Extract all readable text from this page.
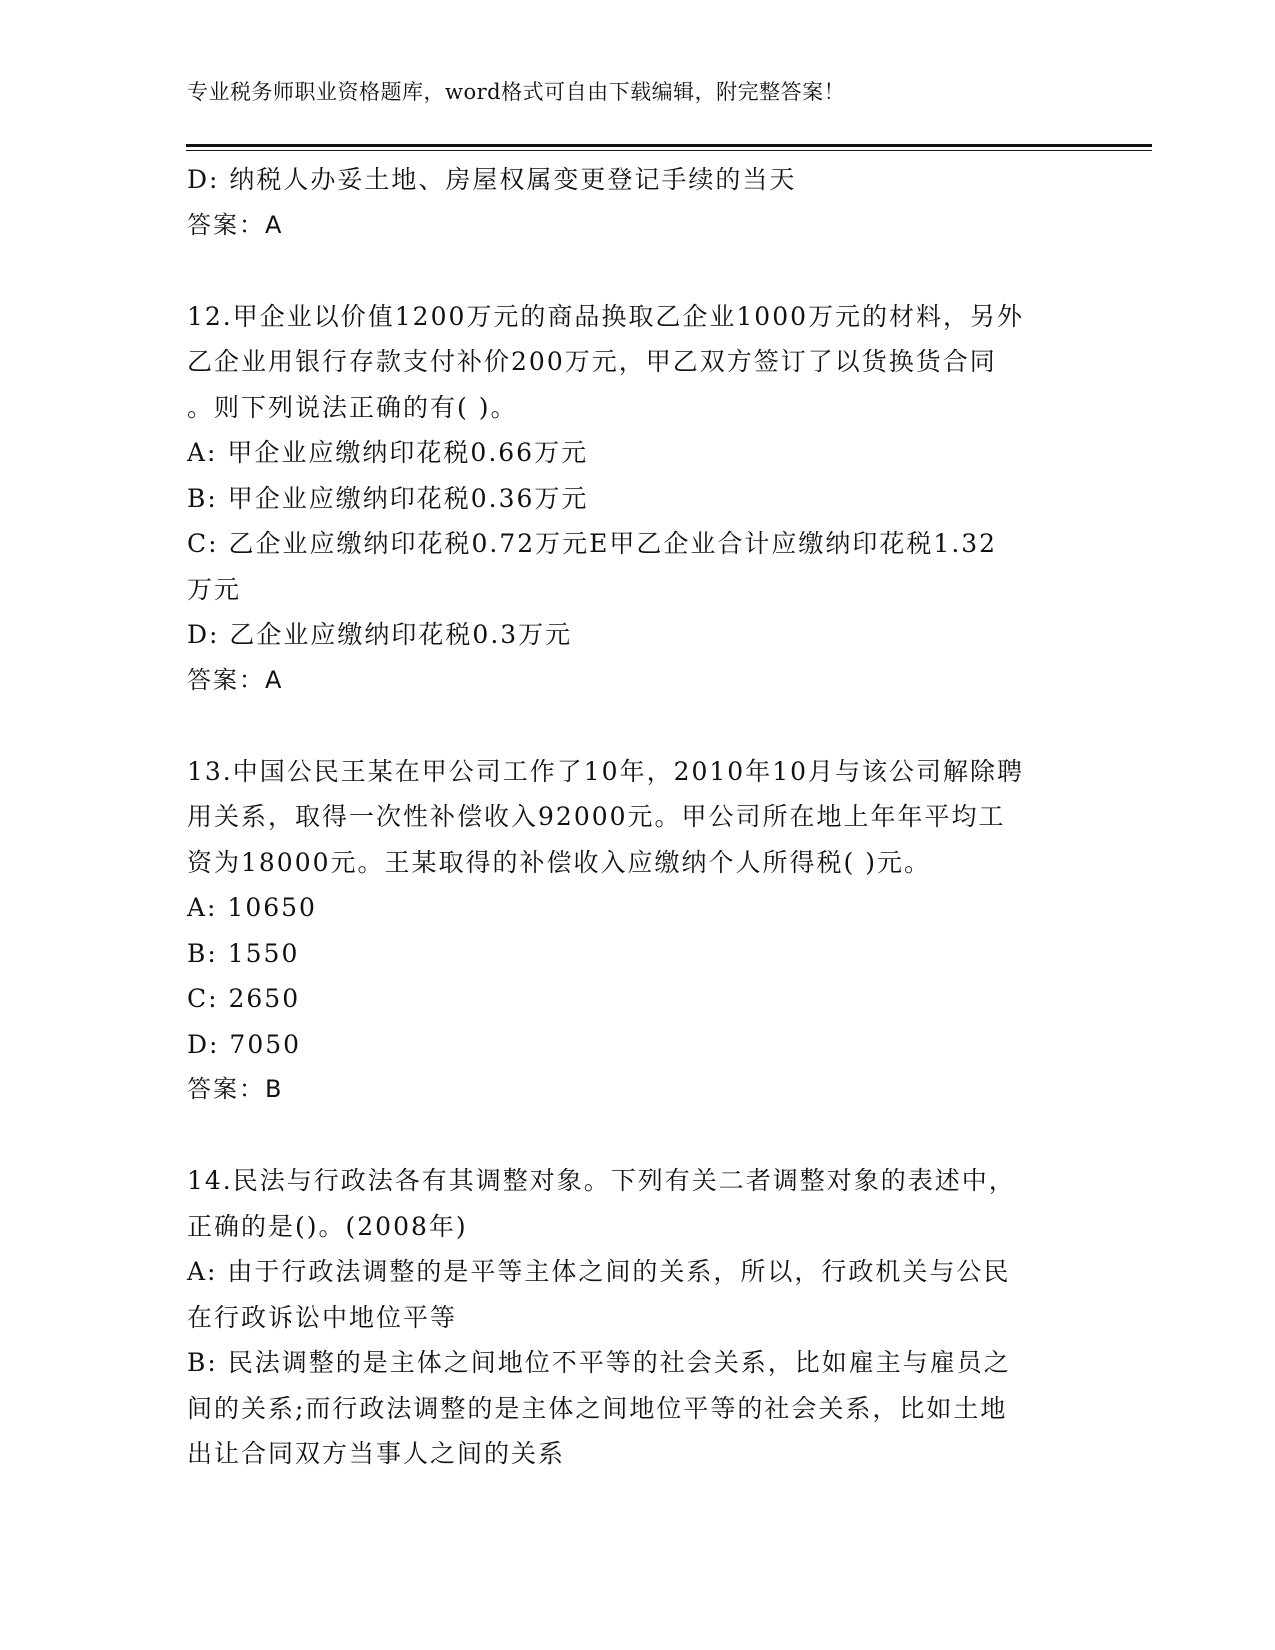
专业税务师职业资格题库，word格式可自由下载编辑，附完整答案！
D: 纳税人办妥土地、房屋权属变更登记手续的当天
答案：A
12.甲企业以价值1200万元的商品换取乙企业1000万元的材料，另外
乙企业用银行存款支付补价200万元，甲乙双方签订了以货换货合同
。则下列说法正确的有( )。
A: 甲企业应缴纳印花税0.66万元
B: 甲企业应缴纳印花税0.36万元
C: 乙企业应缴纳印花税0.72万元E甲乙企业合计应缴纳印花税1.32
万元
D: 乙企业应缴纳印花税0.3万元
答案：A
13.中国公民王某在甲公司工作了10年，2010年10月与该公司解除聘
用关系，取得一次性补偿收入92000元。甲公司所在地上年年平均工
资为18000元。王某取得的补偿收入应缴纳个人所得税( )元。
A: 10650
B: 1550
C: 2650
D: 7050
答案：B
14.民法与行政法各有其调整对象。下列有关二者调整对象的表述中，
正确的是()。(2008年)
A: 由于行政法调整的是平等主体之间的关系，所以，行政机关与公民
在行政诉讼中地位平等
B: 民法调整的是主体之间地位不平等的社会关系，比如雇主与雇员之
间的关系;而行政法调整的是主体之间地位平等的社会关系，比如土地
出让合同双方当事人之间的关系
